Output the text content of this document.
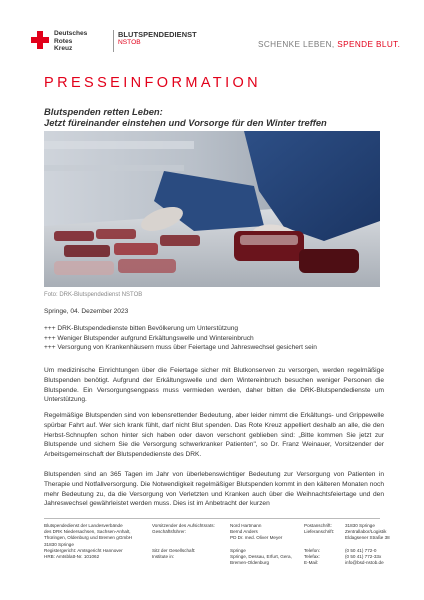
Deutsches
Rotes
Kreuz
BLUTSPENDEDIENST
NSTOB	SCHENKE LEBEN, SPENDE BLUT.
PRESSEINFORMATION
Blutspenden retten Leben:
Jetzt füreinander einstehen und Vorsorge für den Winter treffen
Foto: DRK-Blutspendedienst NSTOB
Springe, 04. Dezember 2023
+++ DRK-Blutspendedienste bitten Bevölkerung um Unterstützung
+++ Weniger Blutspender aufgrund Erkältungswelle und Wintereinbruch
+++ Versorgung von Krankenhäusern muss über Feiertage und Jahreswechsel gesichert sein
Um medizinische Einrichtungen über die Feiertage sicher mit Blutkonserven zu versorgen, werden regelmäßige Blutspenden benötigt. Aufgrund der Erkältungswelle und dem Wintereinbruch besuchen weniger Personen die Blutspende. Ein Versorgungsengpass muss vermieden werden, daher bitten die DRK-Blutspendedienste um Unterstützung.
Regelmäßige Blutspenden sind von lebensrettender Bedeutung, aber leider nimmt die Erkältungs- und Grippewelle spürbar Fahrt auf. Wer sich krank fühlt, darf nicht Blut spenden. Das Rote Kreuz appelliert deshalb an alle, die den Herbst-Schnupfen schon hinter sich haben oder davon verschont geblieben sind: „Bitte kommen Sie jetzt zur Blutspende und sichern Sie die Versorgung schwerkranker Patienten", so Dr. Franz Weinauer, Vorsitzender der Arbeitsgemeinschaft der Blutspendedienste des DRK.
Blutspenden sind an 365 Tagen im Jahr von überlebenswichtiger Bedeutung zur Versorgung von Patienten in Therapie und Notfallversorgung. Die Notwendigkeit regelmäßiger Blutspenden kommt in den kälteren Monaten noch mehr Bedeutung zu, da die Versorgung von Verletzten und Kranken auch über die Weihnachtsfeiertage und den Jahreswechsel gewährleistet werden muss. Dies ist im Anbetracht der kurzen
Blutspendedienst der Landesverbände
des DRK Niedersachsen, Sachsen-Anhalt,
Thüringen, Oldenburg und Bremen gGmbH
31830 Springe
Registergericht: Amtsgericht Hannover
HRB: Amtsblatt-Nr. 101062
Vorsitzender des Aufsichtsrats:
Geschäftsführer:

Sitz der Gesellschaft:
Institute in:
Nord Hartmann
Bernd Anders
PD Dr. med. Oliver Meyer

Springe
Springe, Dessau, Erfurt, Gera,
Bremen-Oldenburg
Postanschrift:
Lieferanschrift:

Telefon:
Telefax:
E-Mail:
31830 Springe
Zentrallabor/Logistik
Eldagsener Straße 38

(0 50 41) 772-0
(0 50 41) 772-33x
info@bsd-nstob.de
